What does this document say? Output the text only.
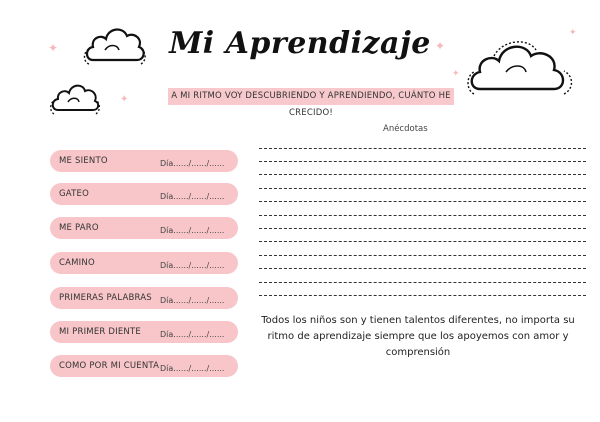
✦
✦
✦
✦
✦
Mi Aprendizaje
A MI RITMO VOY DESCUBRIENDO Y APRENDIENDO, CUÁNTO HE CRECIDO!
ME SIENTO	Día....../....../......
GATEO	Día....../....../......
ME PARO	Día....../....../......
CAMINO	Día....../....../......
PRIMERAS PALABRAS Día....../....../......
MI PRIMER DIENTE Día....../....../......
COMO POR MI CUENTA Día....../....../......
Anécdotas
Todos los niños son y tienen talentos diferentes, no importa su ritmo de aprendizaje siempre que los apoyemos con amor y comprensión
